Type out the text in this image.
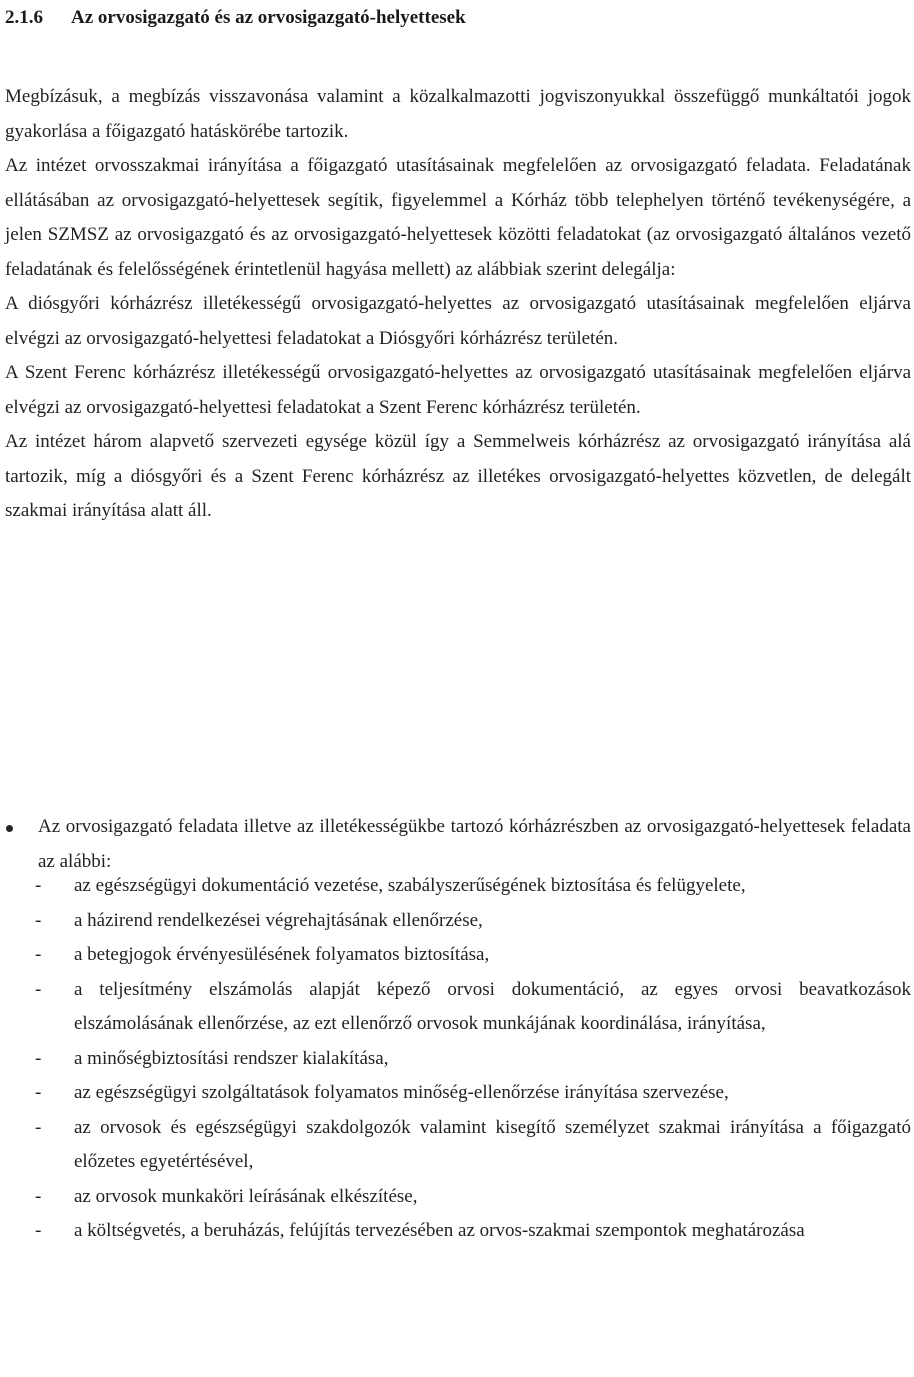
2.1.6 Az orvosigazgató és az orvosigazgató-helyettesek

Megbízásuk, a megbízás visszavonása valamint a közalkalmazotti jogviszonyukkal összefüggő munkáltatói jogok gyakorlása a főigazgató hatáskörébe tartozik.

Az intézet orvosszakmai irányítása a főigazgató utasításainak megfelelően az orvosigazgató feladata. Feladatának ellátásában az orvosigazgató-helyettesek segítik, figyelemmel a Kórház több telephelyen történő tevékenységére, a jelen SZMSZ az orvosigazgató és az orvosigazgató-helyettesek közötti feladatokat (az orvosigazgató általános vezető feladatának és felelősségének érintetlenül hagyása mellett) az alábbiak szerint delegálja:

A diósgyőri kórházrész illetékességű orvosigazgató-helyettes az orvosigazgató utasításainak megfelelően eljárva elvégzi az orvosigazgató-helyettesi feladatokat a Diósgyőri kórházrész területén.

A Szent Ferenc kórházrész illetékességű orvosigazgató-helyettes az orvosigazgató utasításainak megfelelően eljárva elvégzi az orvosigazgató-helyettesi feladatokat a Szent Ferenc kórházrész területén.

Az intézet három alapvető szervezeti egysége közül így a Semmelweis kórházrész az orvosigazgató irányítása alá tartozik, míg a diósgyőri és a Szent Ferenc kórházrész az illetékes orvosigazgató-helyettes közvetlen, de delegált szakmai irányítása alatt áll.

Az orvosigazgató feladata illetve az illetékességükbe tartozó kórházrészben az orvosigazgató-helyettesek feladata az alábbi:

- az egészségügyi dokumentáció vezetése, szabályszerűségének biztosítása és felügyelete,
- a házirend rendelkezései végrehajtásának ellenőrzése,
- a betegjogok érvényesülésének folyamatos biztosítása,
- a teljesítmény elszámolás alapját képező orvosi dokumentáció, az egyes orvosi beavatkozások elszámolásának ellenőrzése, az ezt ellenőrző orvosok munkájának koordinálása, irányítása,
- a minőségbiztosítási rendszer kialakítása,
- az egészségügyi szolgáltatások folyamatos minőség-ellenőrzése irányítása szervezése,
- az orvosok és egészségügyi szakdolgozók valamint kisegítő személyzet szakmai irányítása a főigazgató előzetes egyetértésével,
- az orvosok munkaköri leírásának elkészítése,
- a költségvetés, a beruházás, felújítás tervezésében az orvos-szakmai szempontok meghatározása
